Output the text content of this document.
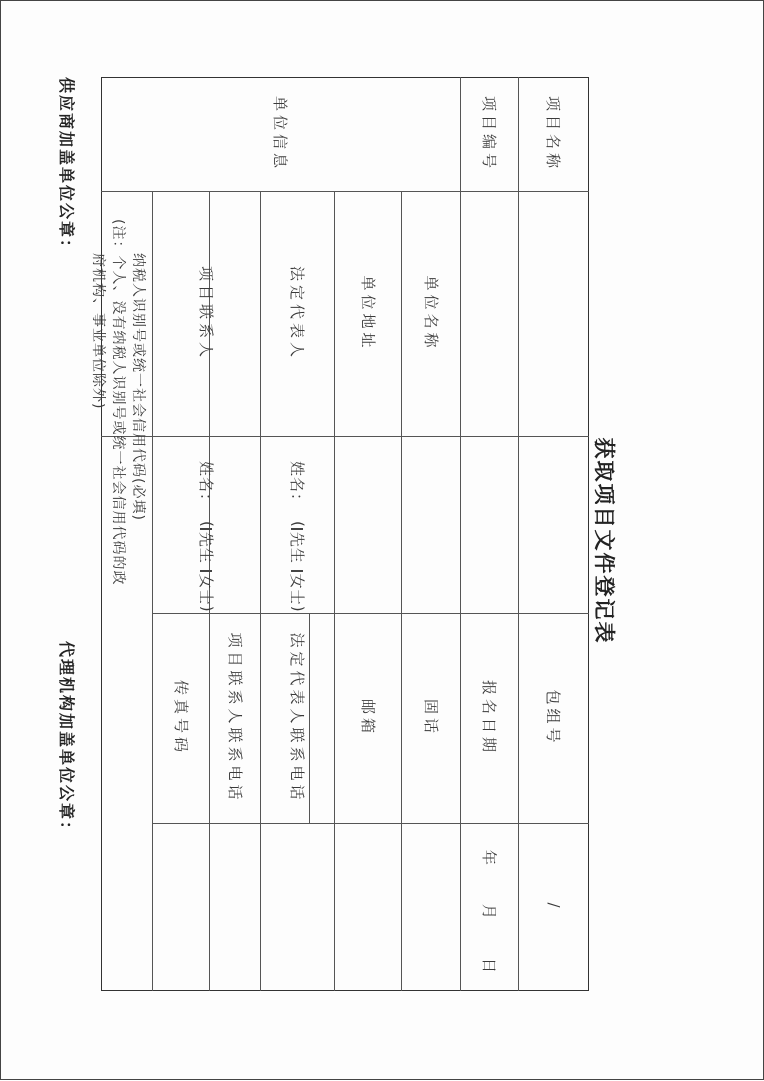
获取项目文件登记表
项目名称
项目编号
单位信息
单位名称
单位地址
法定代表人
项目联系人
姓名：
(
先生

女士
)
姓名：
(
先生

女士
)
纳税人识别号或统一社会信用代码(必填)
(注：个人、没有纳税人识别号或统一社会信用代码的政
府机构、事业单位除外)
包组号
报名日期
固话
邮箱
法定代表人联系电话
项目联系人联系电话
传真号码
/
年    月    日
供应商加盖单位公章：
代理机构加盖单位公章：
